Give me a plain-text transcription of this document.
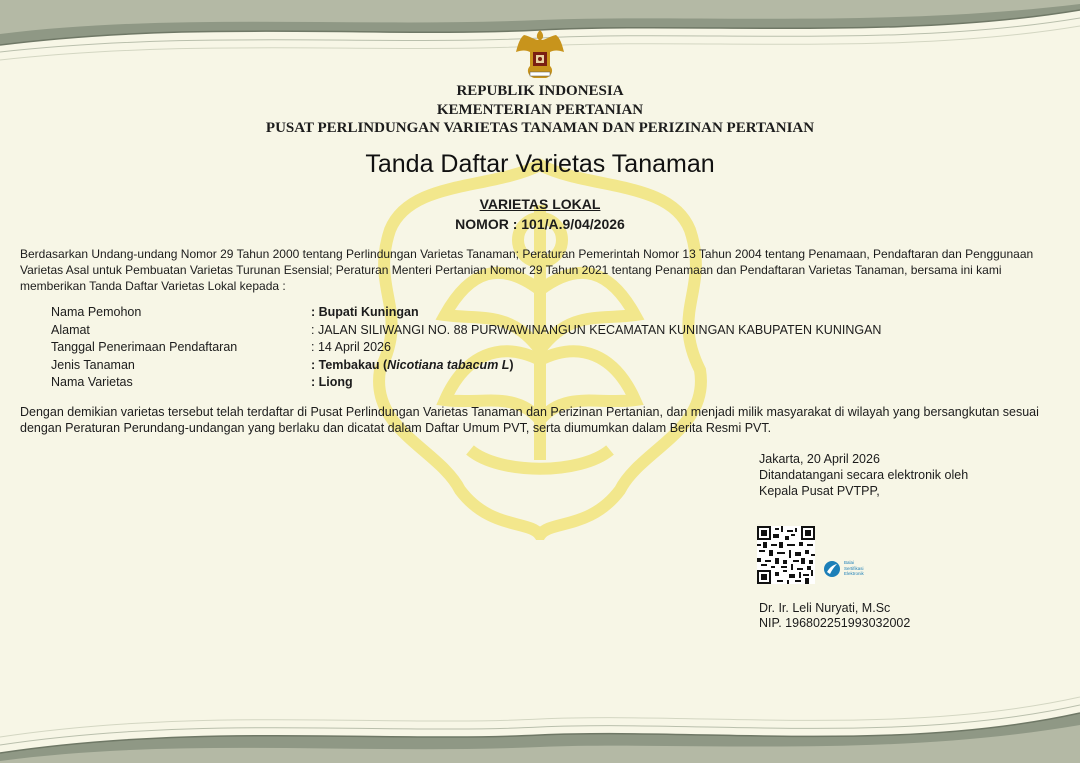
REPUBLIK INDONESIA
KEMENTERIAN PERTANIAN
PUSAT PERLINDUNGAN VARIETAS TANAMAN DAN PERIZINAN PERTANIAN
Tanda Daftar Varietas Tanaman
VARIETAS LOKAL
NOMOR : 101/A.9/04/2026
Berdasarkan Undang-undang Nomor 29 Tahun 2000 tentang Perlindungan Varietas Tanaman; Peraturan Pemerintah Nomor 13 Tahun 2004 tentang Penamaan, Pendaftaran dan Penggunaan Varietas Asal untuk Pembuatan Varietas Turunan Esensial; Peraturan Menteri Pertanian Nomor 29 Tahun 2021 tentang Penamaan dan Pendaftaran Varietas Tanaman, bersama ini kami memberikan Tanda Daftar Varietas Lokal kepada :
Nama Pemohon	: Bupati Kuningan
Alamat	: JALAN SILIWANGI NO. 88 PURWAWINANGUN KECAMATAN KUNINGAN KABUPATEN KUNINGAN
Tanggal Penerimaan Pendaftaran	: 14 April 2026
Jenis Tanaman	: Tembakau (Nicotiana tabacum L)
Nama Varietas	: Liong
Dengan demikian varietas tersebut telah terdaftar di Pusat Perlindungan Varietas Tanaman dan Perizinan Pertanian, dan menjadi milik masyarakat di wilayah yang bersangkutan sesuai dengan Peraturan Perundang-undangan yang berlaku dan dicatat dalam Daftar Umum PVT, serta diumumkan dalam Berita Resmi PVT.
Jakarta, 20 April 2026
Ditandatangani secara elektronik oleh
Kepala Pusat PVTPP,
Balai
Sertifikasi
Elektronik
Dr. Ir. Leli Nuryati, M.Sc
NIP. 196802251993032002
